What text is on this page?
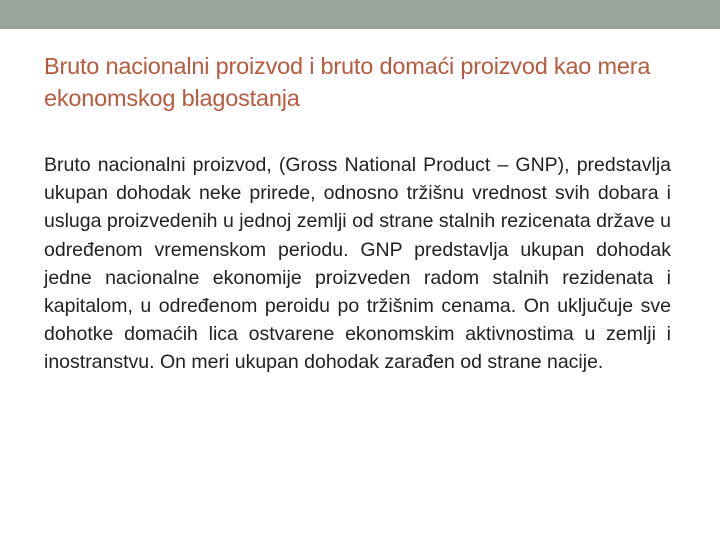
Bruto nacionalni proizvod i bruto domaći proizvod kao mera ekonomskog blagostanja

Bruto nacionalni proizvod, (Gross National Product – GNP), predstavlja ukupan dohodak neke prirede, odnosno tržišnu vrednost svih dobara i usluga proizvedenih u jednoj zemlji od strane stalnih rezicenata države u određenom vremenskom periodu. GNP predstavlja ukupan dohodak jedne nacionalne ekonomije proizveden radom stalnih rezidenata i kapitalom, u određenom peroidu po tržišnim cenama. On uključuje sve dohotke domaćih lica ostvarene ekonomskim aktivnostima u zemlji i inostranstvu. On meri ukupan dohodak zarađen od strane nacije.
